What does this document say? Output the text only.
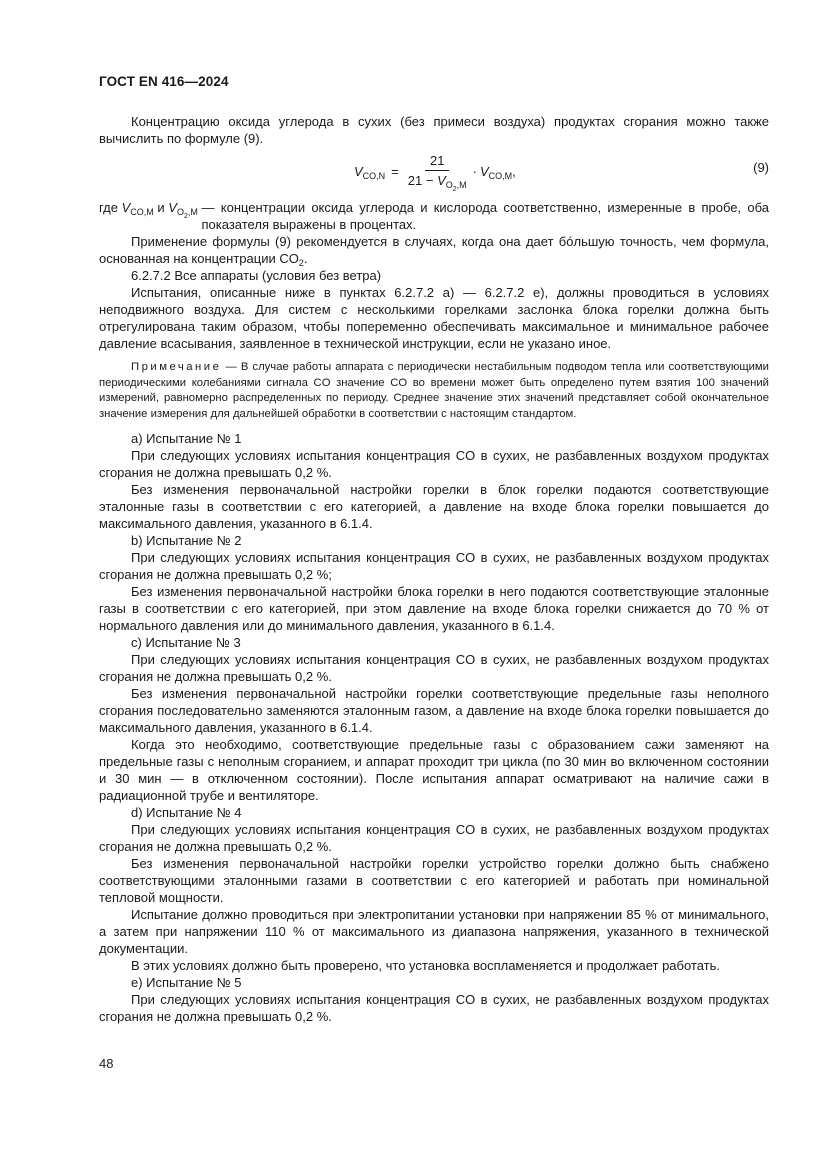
ГОСТ EN 416—2024

Концентрацию оксида углерода в сухих (без примеси воздуха) продуктах сгорания можно также вычислить по формуле (9).

$V_{CO,N} = \frac{21}{21 - V_{O_2,M}} \cdot V_{CO,M}$,	(9)
где $V_{CO,M}$ и $V_{O_2,M}$ — концентрации оксида углерода и кислорода соответственно, измеренные в пробе, оба показателя выражены в процентах.

Применение формулы (9) рекомендуется в случаях, когда она дает бóльшую точность, чем формула, основанная на концентрации $CO_2$.

6.2.7.2 Все аппараты (условия без ветра)

Испытания, описанные ниже в пунктах 6.2.7.2 a) — 6.2.7.2 e), должны проводиться в условиях неподвижного воздуха. Для систем с несколькими горелками заслонка блока горелки должна быть отрегулирована таким образом, чтобы попеременно обеспечивать максимальное и минимальное рабочее давление всасывания, заявленное в технической инструкции, если не указано иное.

Примечание — В случае работы аппарата с периодически нестабильным подводом тепла или соответствующими периодическими колебаниями сигнала CO значение CO во времени может быть определено путем взятия 100 значений измерений, равномерно распределенных по периоду. Среднее значение этих значений представляет собой окончательное значение измерения для дальнейшей обработки в соответствии с настоящим стандартом.

a) Испытание № 1

При следующих условиях испытания концентрация CO в сухих, не разбавленных воздухом продуктах сгорания не должна превышать 0,2 %.

Без изменения первоначальной настройки горелки в блок горелки подаются соответствующие эталонные газы в соответствии с его категорией, а давление на входе блока горелки повышается до максимального давления, указанного в 6.1.4.

b) Испытание № 2

При следующих условиях испытания концентрация CO в сухих, не разбавленных воздухом продуктах сгорания не должна превышать 0,2 %;

Без изменения первоначальной настройки блока горелки в него подаются соответствующие эталонные газы в соответствии с его категорией, при этом давление на входе блока горелки снижается до 70 % от нормального давления или до минимального давления, указанного в 6.1.4.

c) Испытание № 3

При следующих условиях испытания концентрация CO в сухих, не разбавленных воздухом продуктах сгорания не должна превышать 0,2 %.

Без изменения первоначальной настройки горелки соответствующие предельные газы неполного сгорания последовательно заменяются эталонным газом, а давление на входе блока горелки повышается до максимального давления, указанного в 6.1.4.

Когда это необходимо, соответствующие предельные газы с образованием сажи заменяют на предельные газы с неполным сгоранием, и аппарат проходит три цикла (по 30 мин во включенном состоянии и 30 мин — в отключенном состоянии). После испытания аппарат осматривают на наличие сажи в радиационной трубе и вентиляторе.

d) Испытание № 4

При следующих условиях испытания концентрация CO в сухих, не разбавленных воздухом продуктах сгорания не должна превышать 0,2 %.

Без изменения первоначальной настройки горелки устройство горелки должно быть снабжено соответствующими эталонными газами в соответствии с его категорией и работать при номинальной тепловой мощности.

Испытание должно проводиться при электропитании установки при напряжении 85 % от минимального, а затем при напряжении 110 % от максимального из диапазона напряжения, указанного в технической документации.

В этих условиях должно быть проверено, что установка воспламеняется и продолжает работать.

e) Испытание № 5

При следующих условиях испытания концентрация CO в сухих, не разбавленных воздухом продуктах сгорания не должна превышать 0,2 %.

48
